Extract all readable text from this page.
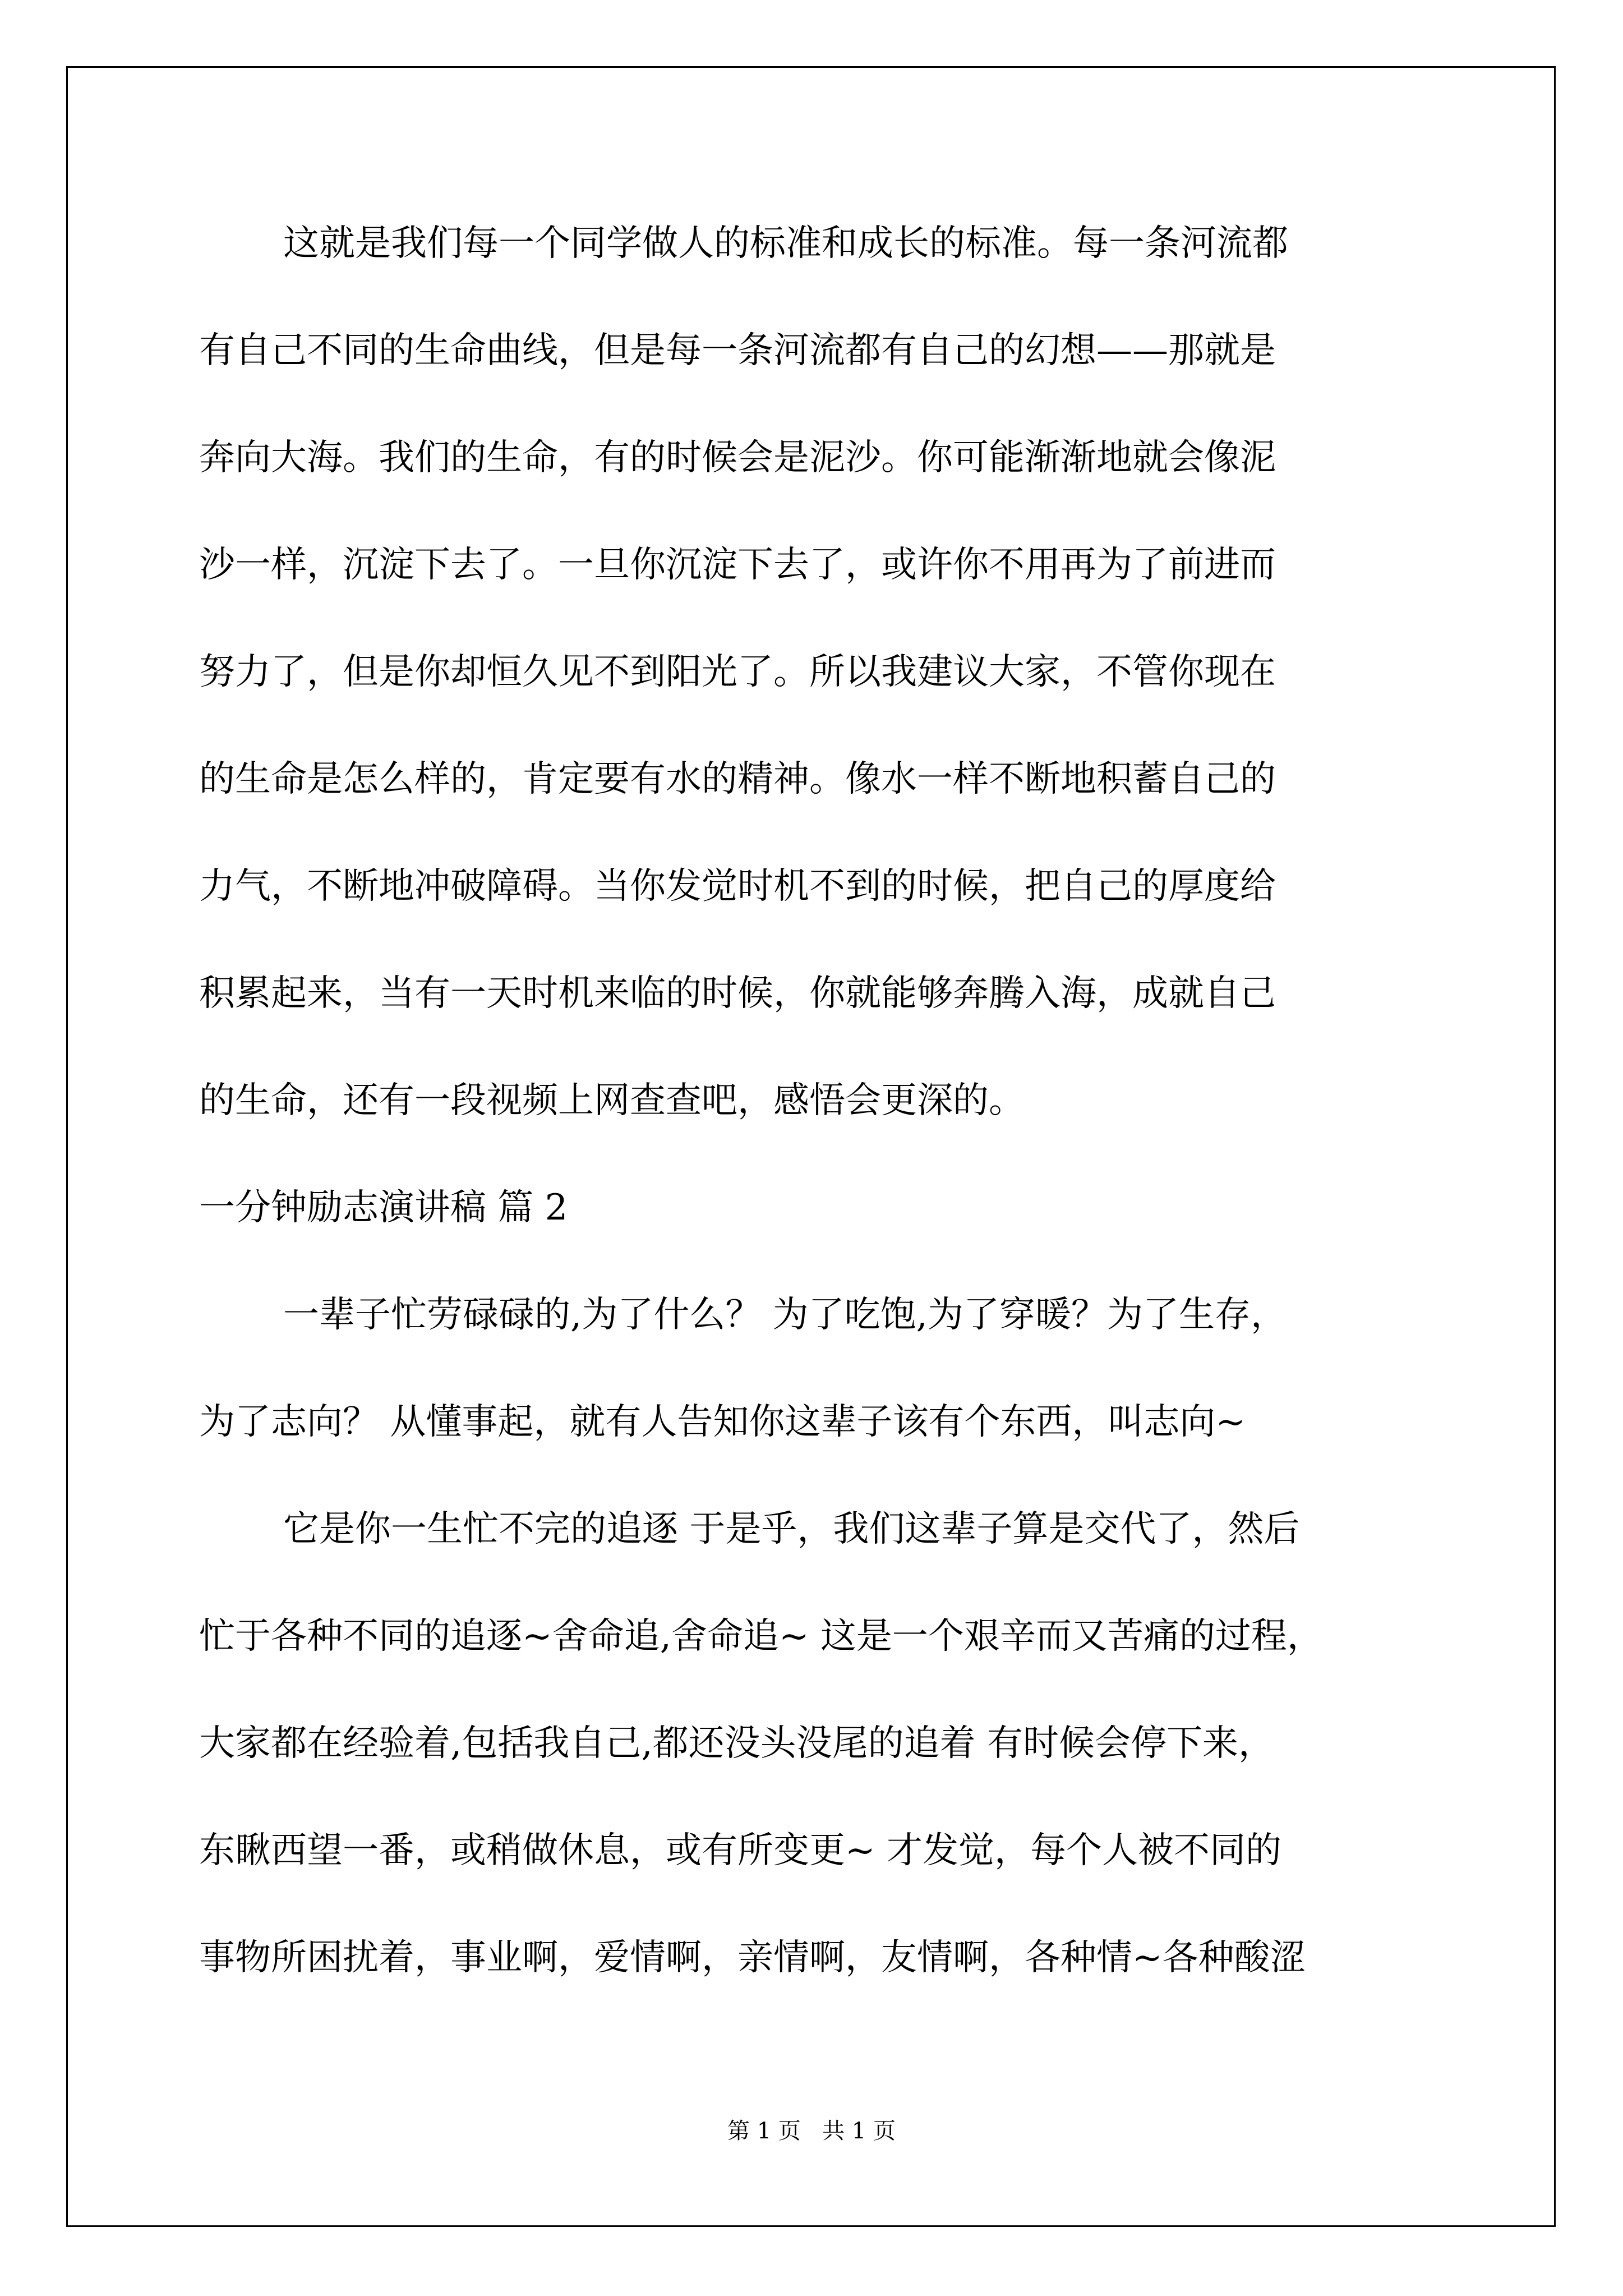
这就是我们每一个同学做人的标准和成长的标准。每一条河流都
有自己不同的生命曲线，但是每一条河流都有自己的幻想——那就是
奔向大海。我们的生命，有的时候会是泥沙。你可能渐渐地就会像泥
沙一样，沉淀下去了。一旦你沉淀下去了，或许你不用再为了前进而
努力了，但是你却恒久见不到阳光了。所以我建议大家，不管你现在
的生命是怎么样的，肯定要有水的精神。像水一样不断地积蓄自己的
力气，不断地冲破障碍。当你发觉时机不到的时候，把自己的厚度给
积累起来，当有一天时机来临的时候，你就能够奔腾入海，成就自己
的生命，还有一段视频上网查查吧，感悟会更深的。
一分钟励志演讲稿 篇 2
一辈子忙劳碌碌的,为了什么？ 为了吃饱,为了穿暖？为了生存，
为了志向？ 从懂事起，就有人告知你这辈子该有个东西，叫志向~
它是你一生忙不完的追逐 于是乎，我们这辈子算是交代了，然后
忙于各种不同的追逐~舍命追,舍命追~ 这是一个艰辛而又苦痛的过程，
大家都在经验着,包括我自己,都还没头没尾的追着 有时候会停下来，
东瞅西望一番，或稍做休息，或有所变更~ 才发觉，每个人被不同的
事物所困扰着，事业啊，爱情啊，亲情啊，友情啊，各种情~各种酸涩
第 1 页   共 1 页
